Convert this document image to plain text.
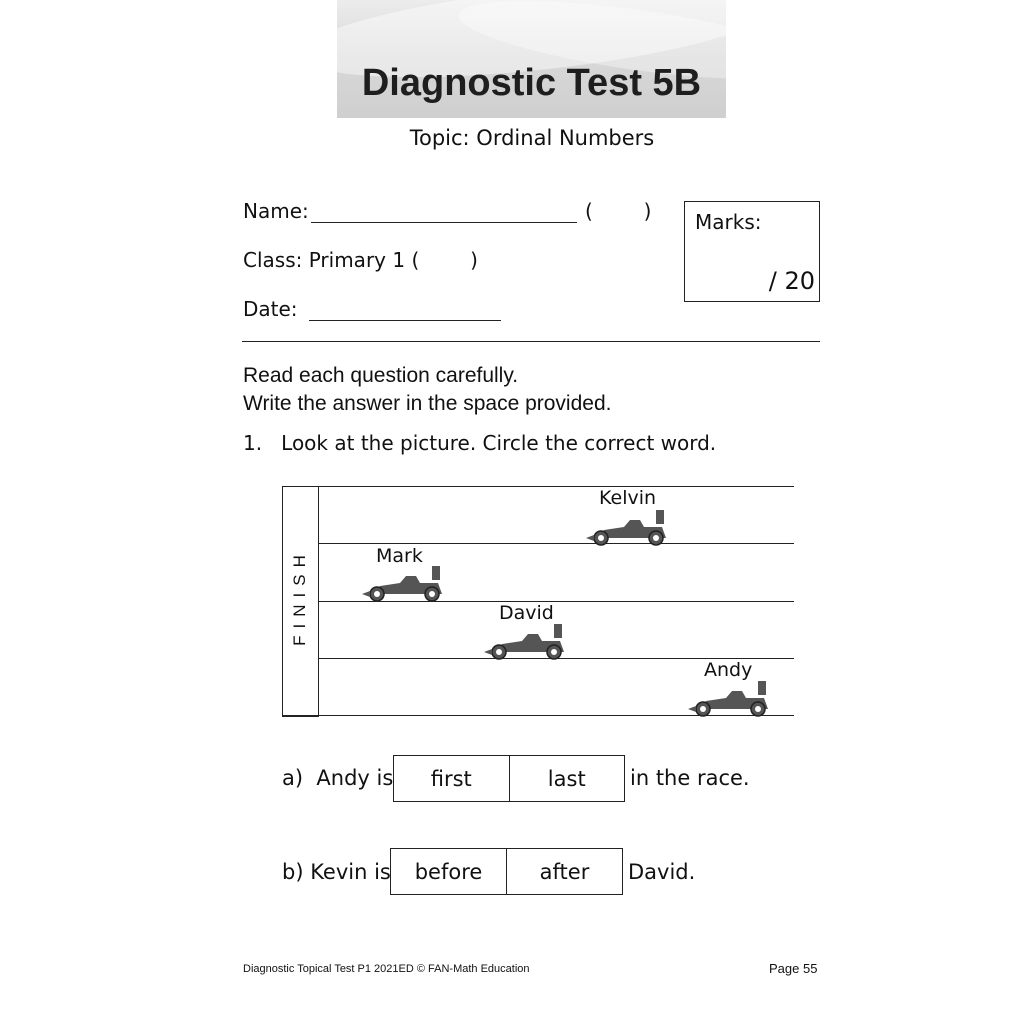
Diagnostic Test 5B
Topic: Ordinal Numbers
Name:	(        )
Class: Primary 1 (        )
Date:
Marks:
/ 20
Read each question carefully.
Write the answer in the space provided.
1.   Look at the picture. Circle the correct word.
FINISH
Kelvin
Mark
David
Andy
a)  Andy is	first	last	in the race.
b) Kevin is	before	after	David.
Diagnostic Topical Test P1 2021ED © FAN-Math Education	Page 55
